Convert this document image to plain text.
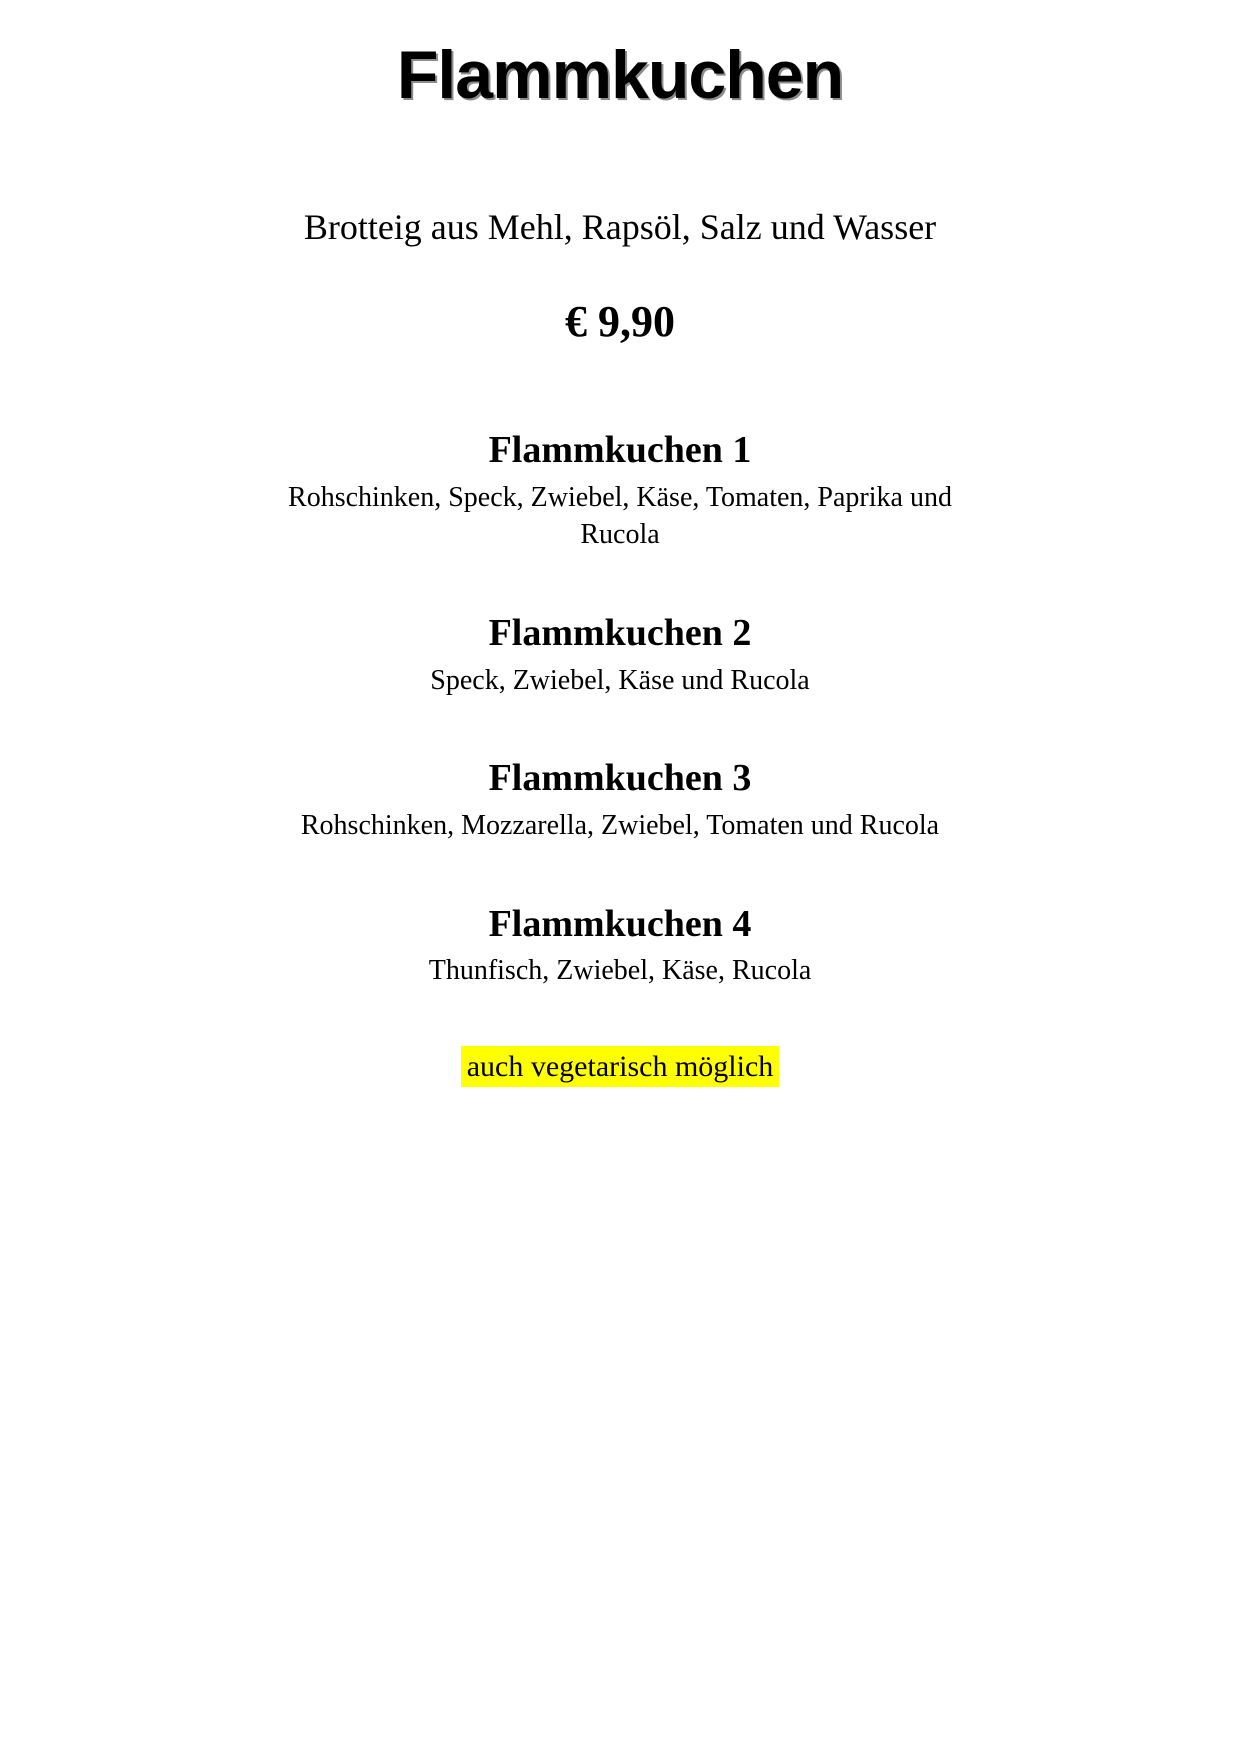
Flammkuchen

Brotteig aus Mehl, Rapsöl, Salz und Wasser

€ 9,90

Flammkuchen 1

Rohschinken, Speck, Zwiebel, Käse, Tomaten, Paprika und Rucola

Flammkuchen 2

Speck, Zwiebel, Käse und Rucola

Flammkuchen 3

Rohschinken, Mozzarella, Zwiebel, Tomaten und Rucola

Flammkuchen 4

Thunfisch, Zwiebel, Käse, Rucola

auch vegetarisch möglich
